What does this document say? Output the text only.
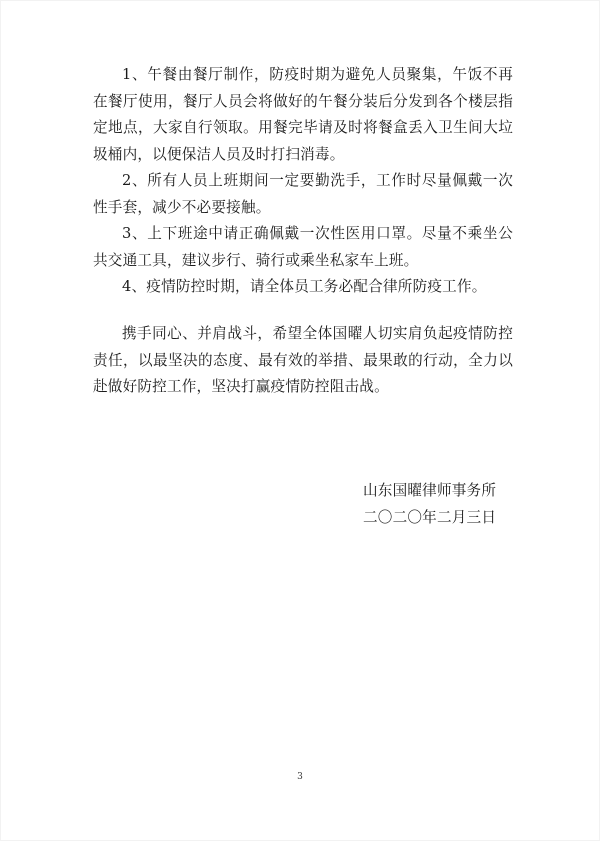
1、午餐由餐厅制作，防疫时期为避免人员聚集，午饭不再在餐厅使用，餐厅人员会将做好的午餐分装后分发到各个楼层指定地点，大家自行领取。用餐完毕请及时将餐盒丢入卫生间大垃圾桶内，以便保洁人员及时打扫消毒。

2、所有人员上班期间一定要勤洗手，工作时尽量佩戴一次性手套，减少不必要接触。

3、上下班途中请正确佩戴一次性医用口罩。尽量不乘坐公共交通工具，建议步行、骑行或乘坐私家车上班。

4、疫情防控时期，请全体员工务必配合律所防疫工作。

携手同心、并肩战斗，希望全体国曜人切实肩负起疫情防控责任，以最坚决的态度、最有效的举措、最果敢的行动，全力以赴做好防控工作，坚决打赢疫情防控阻击战。

山东国曜律师事务所
二〇二〇年二月三日
3
